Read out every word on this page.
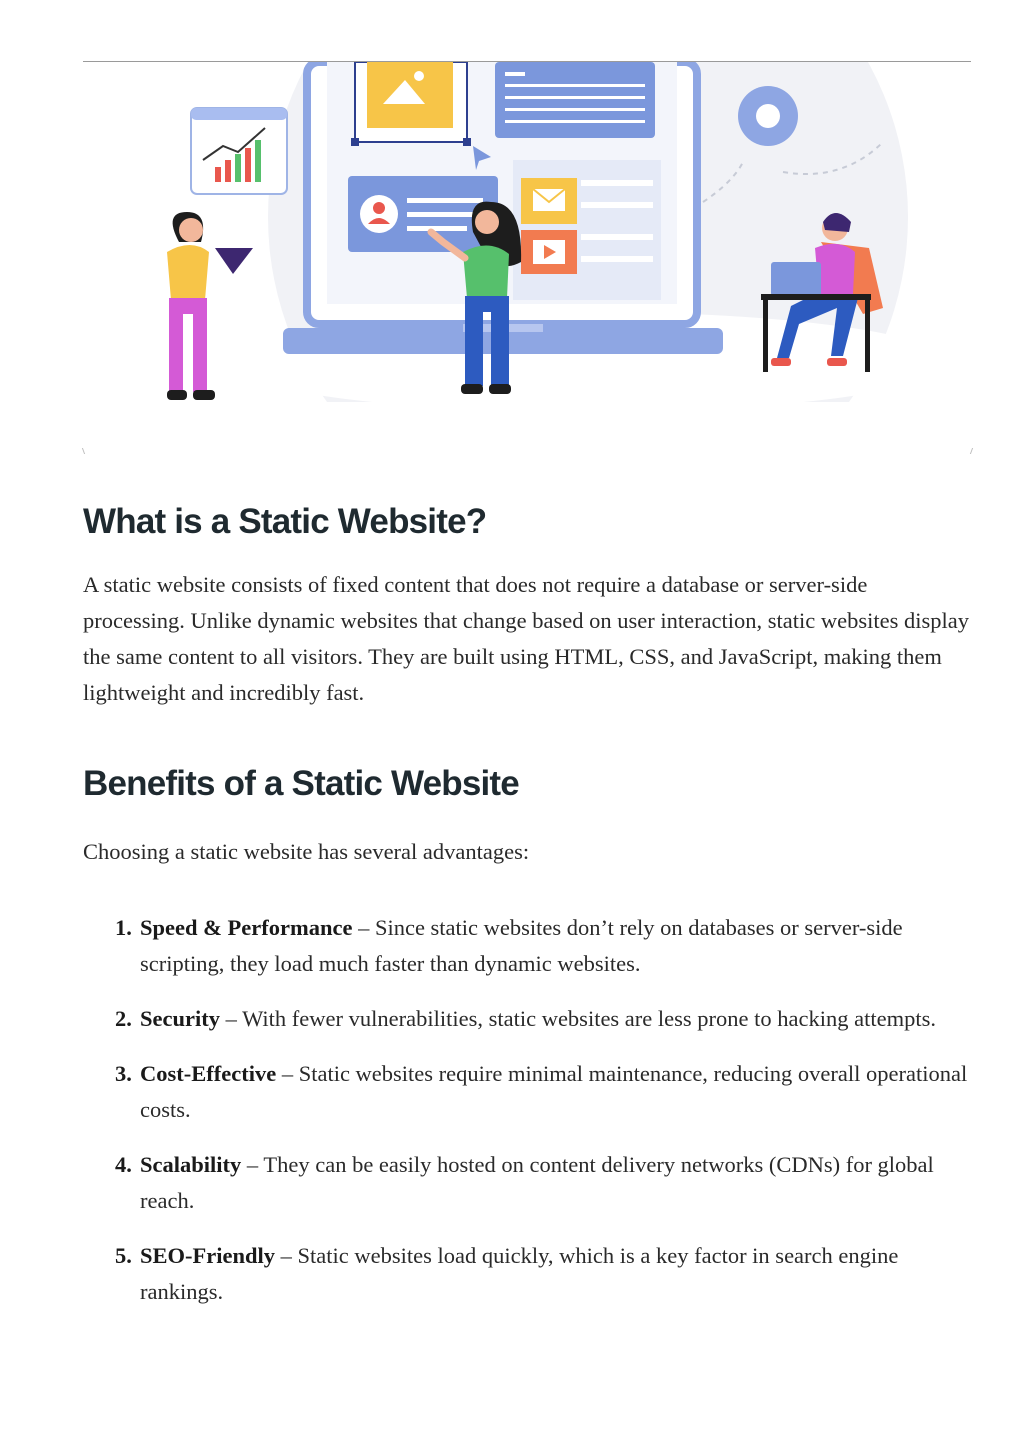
What is a Static Website?

A static website consists of fixed content that does not require a database or server-side processing. Unlike dynamic websites that change based on user interaction, static websites display the same content to all visitors. They are built using HTML, CSS, and JavaScript, making them lightweight and incredibly fast.

Benefits of a Static Website

Choosing a static website has several advantages:

1. Speed & Performance – Since static websites don’t rely on databases or server-side scripting, they load much faster than dynamic websites.
2. Security – With fewer vulnerabilities, static websites are less prone to hacking attempts.
3. Cost-Effective – Static websites require minimal maintenance, reducing overall operational costs.
4. Scalability – They can be easily hosted on content delivery networks (CDNs) for global reach.
5. SEO-Friendly – Static websites load quickly, which is a key factor in search engine rankings.
